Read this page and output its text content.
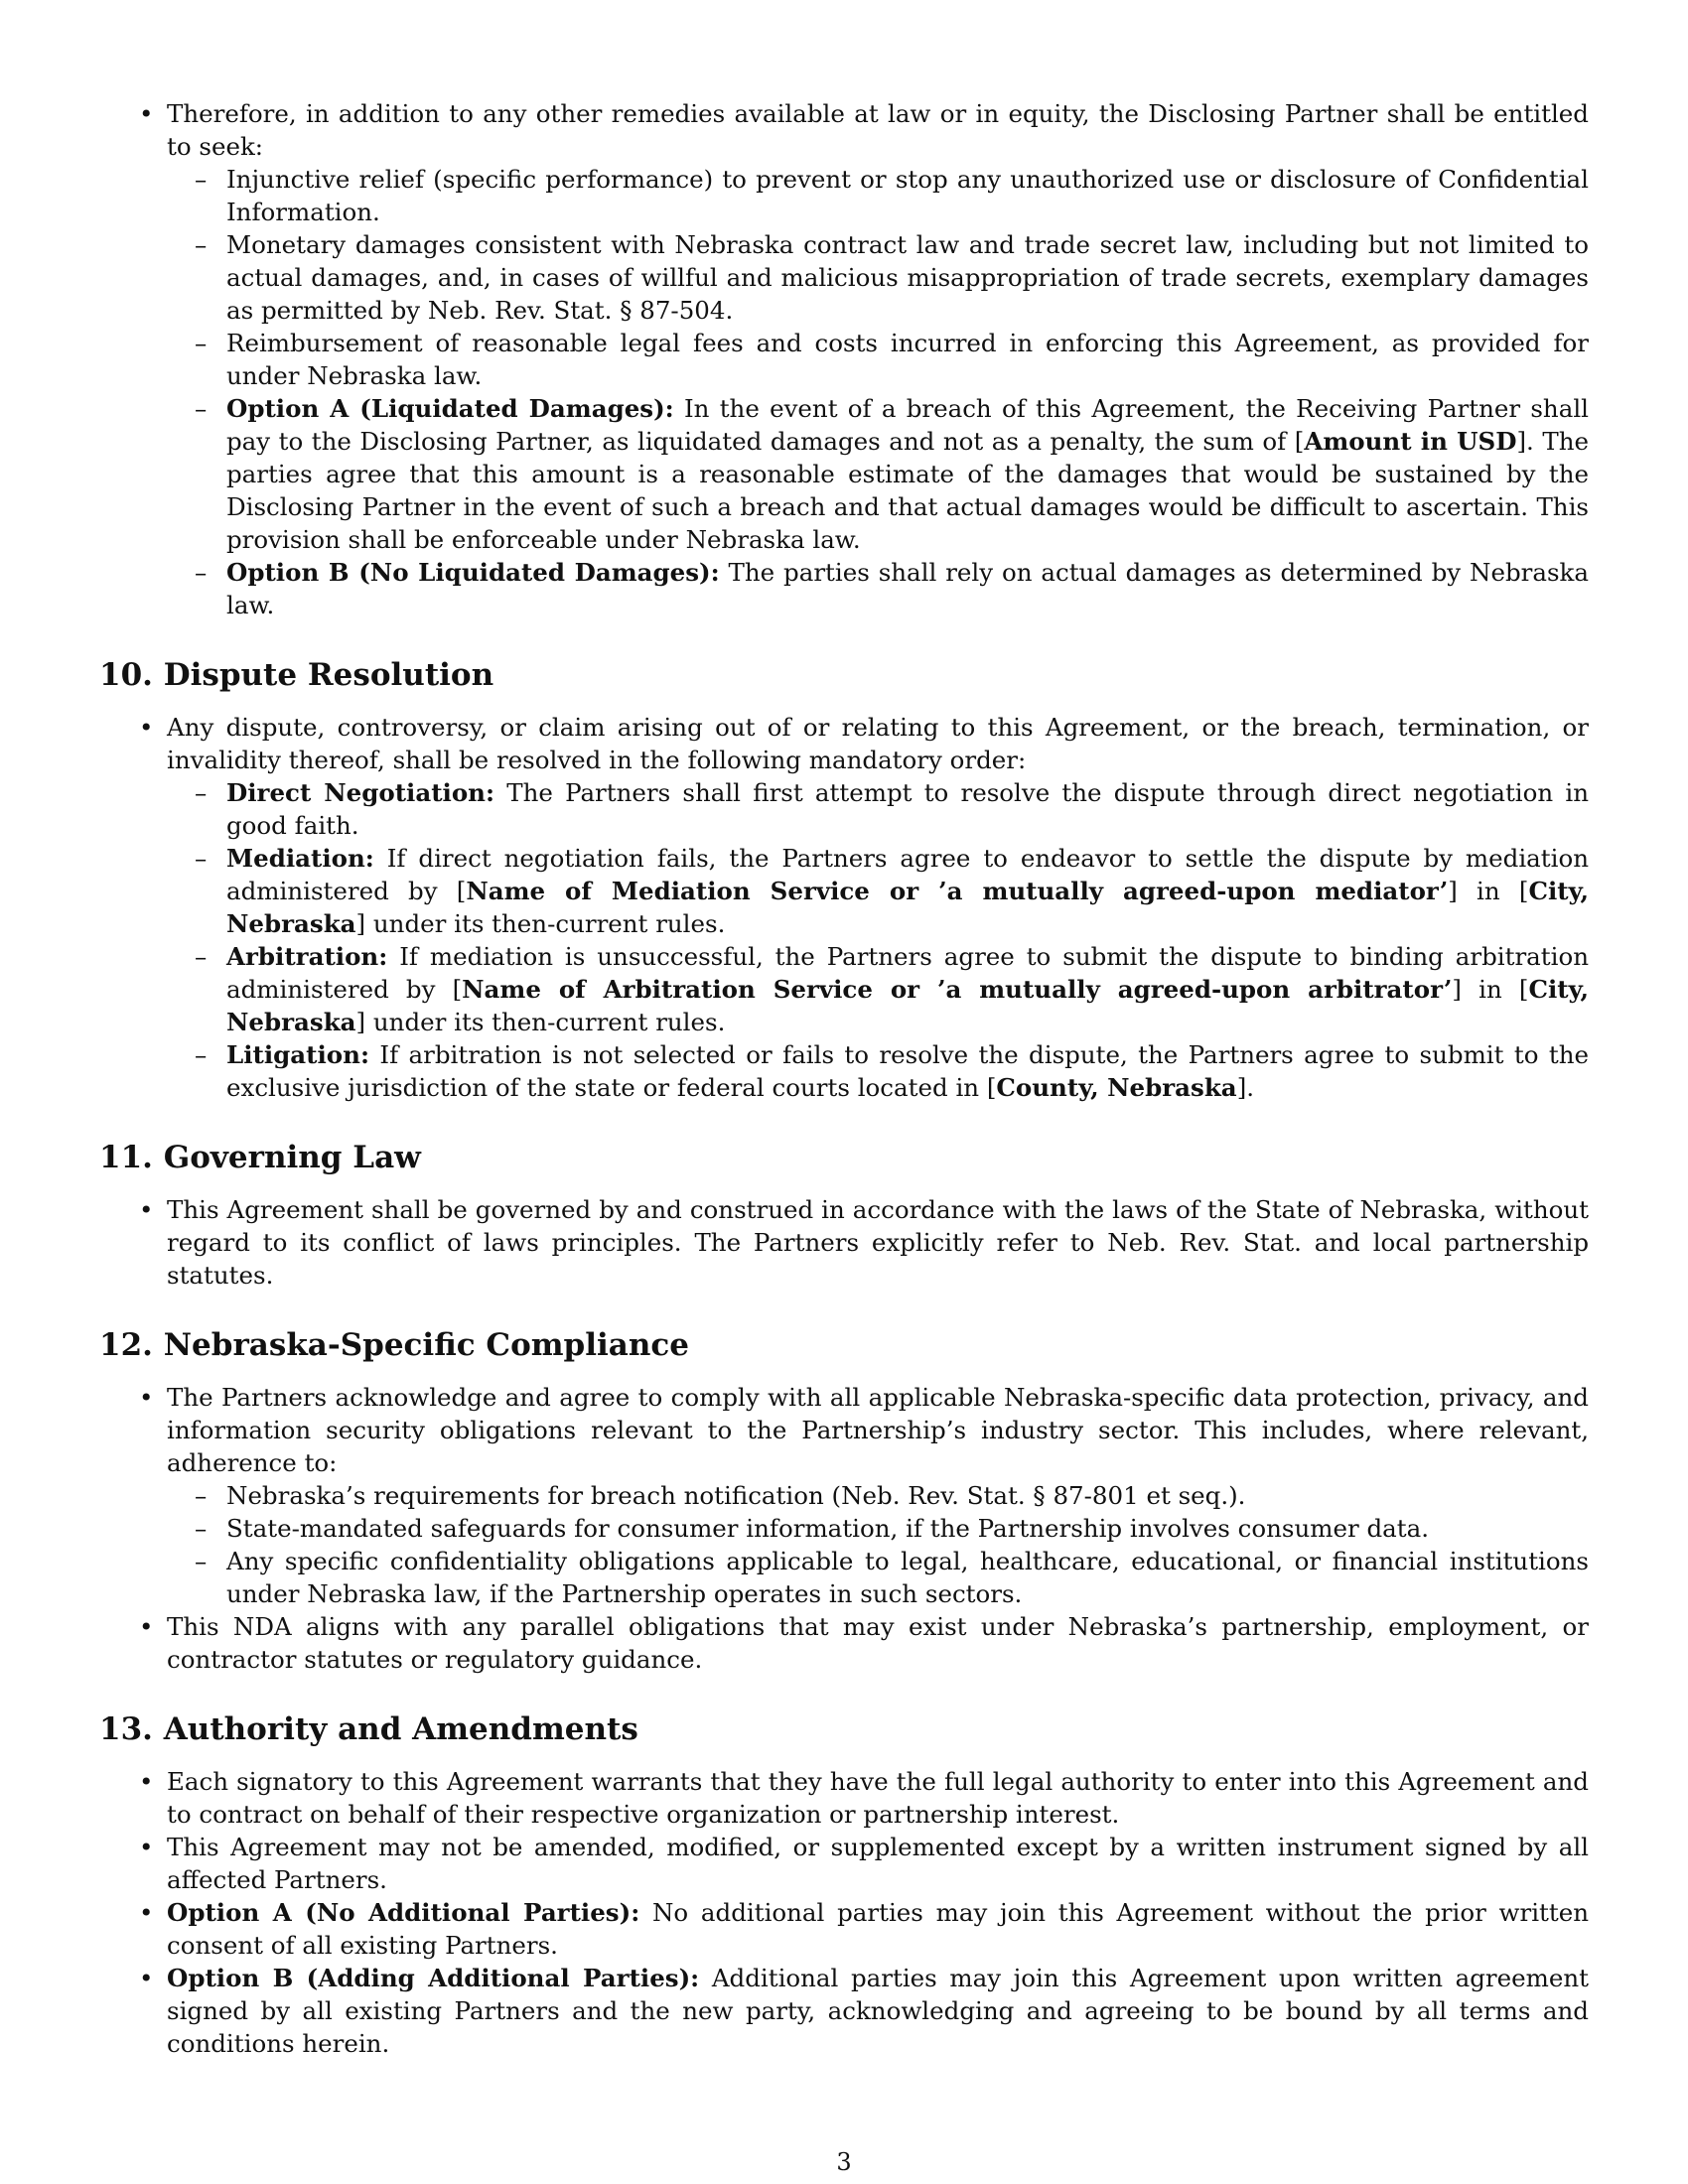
• Therefore, in addition to any other remedies available at law or in equity, the Disclosing Partner shall be entitled to seek:
– Injunctive relief (specific performance) to prevent or stop any unauthorized use or disclosure of Confidential Information.
– Monetary damages consistent with Nebraska contract law and trade secret law, including but not limited to actual damages, and, in cases of willful and malicious misappropriation of trade secrets, exemplary damages as permitted by Neb. Rev. Stat. § 87-504.
– Reimbursement of reasonable legal fees and costs incurred in enforcing this Agreement, as provided for under Nebraska law.
– Option A (Liquidated Damages): In the event of a breach of this Agreement, the Receiving Partner shall pay to the Disclosing Partner, as liquidated damages and not as a penalty, the sum of [Amount in USD]. The parties agree that this amount is a reasonable estimate of the damages that would be sustained by the Disclosing Partner in the event of such a breach and that actual damages would be difficult to ascertain. This provision shall be enforceable under Nebraska law.
– Option B (No Liquidated Damages): The parties shall rely on actual damages as determined by Nebraska law.
10. Dispute Resolution
• Any dispute, controversy, or claim arising out of or relating to this Agreement, or the breach, termination, or invalidity thereof, shall be resolved in the following mandatory order:
– Direct Negotiation: The Partners shall first attempt to resolve the dispute through direct negotiation in good faith.
– Mediation: If direct negotiation fails, the Partners agree to endeavor to settle the dispute by mediation administered by [Name of Mediation Service or ’a mutually agreed-upon mediator’] in [City, Nebraska] under its then-current rules.
– Arbitration: If mediation is unsuccessful, the Partners agree to submit the dispute to binding arbitration administered by [Name of Arbitration Service or ’a mutually agreed-upon arbitrator’] in [City, Nebraska] under its then-current rules.
– Litigation: If arbitration is not selected or fails to resolve the dispute, the Partners agree to submit to the exclusive jurisdiction of the state or federal courts located in [County, Nebraska].
11. Governing Law
• This Agreement shall be governed by and construed in accordance with the laws of the State of Nebraska, without regard to its conflict of laws principles. The Partners explicitly refer to Neb. Rev. Stat. and local partnership statutes.
12. Nebraska-Specific Compliance
• The Partners acknowledge and agree to comply with all applicable Nebraska-specific data protection, privacy, and information security obligations relevant to the Partnership’s industry sector. This includes, where relevant, adherence to:
– Nebraska’s requirements for breach notification (Neb. Rev. Stat. § 87-801 et seq.).
– State-mandated safeguards for consumer information, if the Partnership involves consumer data.
– Any specific confidentiality obligations applicable to legal, healthcare, educational, or financial institutions under Nebraska law, if the Partnership operates in such sectors.
• This NDA aligns with any parallel obligations that may exist under Nebraska’s partnership, employment, or contractor statutes or regulatory guidance.
13. Authority and Amendments
• Each signatory to this Agreement warrants that they have the full legal authority to enter into this Agreement and to contract on behalf of their respective organization or partnership interest.
• This Agreement may not be amended, modified, or supplemented except by a written instrument signed by all affected Partners.
• Option A (No Additional Parties): No additional parties may join this Agreement without the prior written consent of all existing Partners.
• Option B (Adding Additional Parties): Additional parties may join this Agreement upon written agreement signed by all existing Partners and the new party, acknowledging and agreeing to be bound by all terms and conditions herein.
3
